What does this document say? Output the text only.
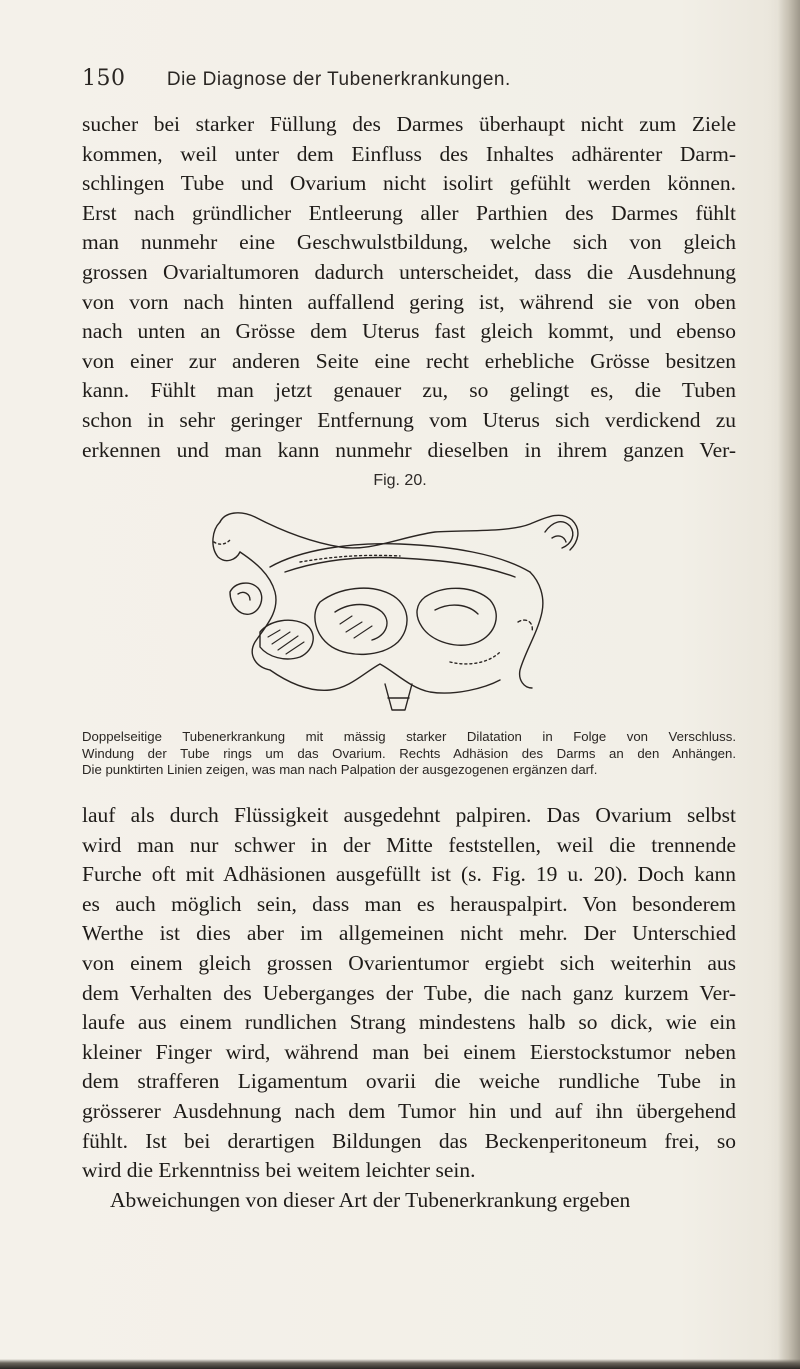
150 Die Diagnose der Tubenerkrankungen.
sucher bei starker Füllung des Darmes überhaupt nicht zum Ziele
kommen, weil unter dem Einfluss des Inhaltes adhärenter Darm-
schlingen Tube und Ovarium nicht isolirt gefühlt werden können.
Erst nach gründlicher Entleerung aller Parthien des Darmes fühlt
man nunmehr eine Geschwulstbildung, welche sich von gleich
grossen Ovarialtumoren dadurch unterscheidet, dass die Ausdehnung
von vorn nach hinten auffallend gering ist, während sie von oben
nach unten an Grösse dem Uterus fast gleich kommt, und ebenso
von einer zur anderen Seite eine recht erhebliche Grösse besitzen
kann. Fühlt man jetzt genauer zu, so gelingt es, die Tuben
schon in sehr geringer Entfernung vom Uterus sich verdickend zu
erkennen und man kann nunmehr dieselben in ihrem ganzen Ver-
Fig. 20.
Doppelseitige Tubenerkrankung mit mässig starker Dilatation in Folge von Verschluss.
Windung der Tube rings um das Ovarium. Rechts Adhäsion des Darms an den Anhängen.
Die punktirten Linien zeigen, was man nach Palpation der ausgezogenen ergänzen darf.
lauf als durch Flüssigkeit ausgedehnt palpiren. Das Ovarium selbst
wird man nur schwer in der Mitte feststellen, weil die trennende
Furche oft mit Adhäsionen ausgefüllt ist (s. Fig. 19 u. 20). Doch kann
es auch möglich sein, dass man es herauspalpirt. Von besonderem
Werthe ist dies aber im allgemeinen nicht mehr. Der Unterschied
von einem gleich grossen Ovarientumor ergiebt sich weiterhin aus
dem Verhalten des Ueberganges der Tube, die nach ganz kurzem Ver-
laufe aus einem rundlichen Strang mindestens halb so dick, wie ein
kleiner Finger wird, während man bei einem Eierstockstumor neben
dem strafferen Ligamentum ovarii die weiche rundliche Tube in
grösserer Ausdehnung nach dem Tumor hin und auf ihn übergehend
fühlt. Ist bei derartigen Bildungen das Beckenperitoneum frei, so
wird die Erkenntniss bei weitem leichter sein.
Abweichungen von dieser Art der Tubenerkrankung ergeben
